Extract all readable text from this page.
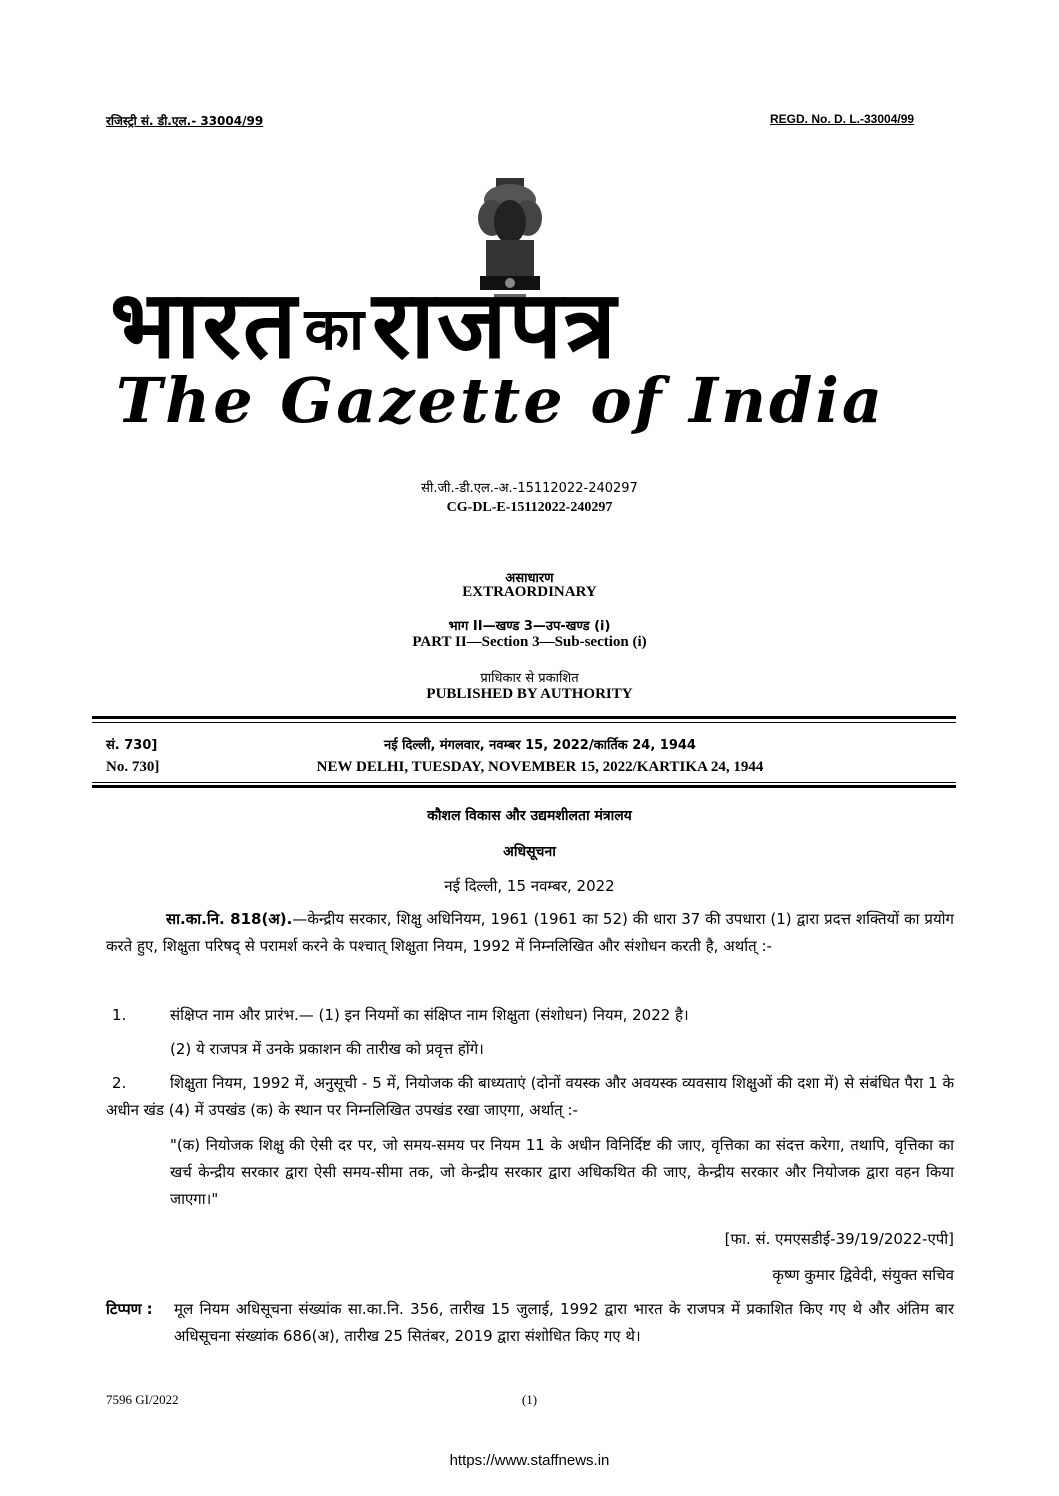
रजिस्ट्री सं. डी.एल.- 33004/99	REGD. No. D. L.-33004/99
भारत काराजपत्र
The Gazette of India
सी.जी.-डी.एल.-अ.-15112022-240297
CG-DL-E-15112022-240297
असाधारण
EXTRAORDINARY
भाग II—खण्ड 3—उप-खण्ड (i)
PART II—Section 3—Sub-section (i)
प्राधिकार से प्रकाशित
PUBLISHED BY AUTHORITY
सं. 730]	नई दिल्ली, मंगलवार, नवम्बर 15, 2022/कार्तिक 24, 1944
No. 730]	NEW DELHI, TUESDAY, NOVEMBER 15, 2022/KARTIKA 24, 1944
कौशल विकास और उद्यमशीलता मंत्रालय
अधिसूचना
नई दिल्ली, 15 नवम्बर, 2022
सा.का.नि. 818(अ).—केन्द्रीय सरकार, शिक्षु अधिनियम, 1961 (1961 का 52) की धारा 37 की उपधारा (1) द्वारा प्रदत्त शक्तियों का प्रयोग करते हुए, शिक्षुता परिषद् से परामर्श करने के पश्चात् शिक्षुता नियम, 1992 में निम्नलिखित और संशोधन करती है, अर्थात् :-
1.	संक्षिप्त नाम और प्रारंभ.— (1) इन नियमों का संक्षिप्त नाम शिक्षुता (संशोधन) नियम, 2022 है।
(2) ये राजपत्र में उनके प्रकाशन की तारीख को प्रवृत्त होंगे।
2.	शिक्षुता नियम, 1992 में, अनुसूची - 5 में, नियोजक की बाध्यताएं (दोनों वयस्क और अवयस्क व्यवसाय शिक्षुओं की दशा में) से संबंधित पैरा 1 के अधीन खंड (4) में उपखंड (क) के स्थान पर निम्नलिखित उपखंड रखा जाएगा, अर्थात् :-
"(क) नियोजक शिक्षु की ऐसी दर पर, जो समय-समय पर नियम 11 के अधीन विनिर्दिष्ट की जाए, वृत्तिका का संदत्त करेगा, तथापि, वृत्तिका का खर्च केन्द्रीय सरकार द्वारा ऐसी समय-सीमा तक, जो केन्द्रीय सरकार द्वारा अधिकथित की जाए, केन्द्रीय सरकार और नियोजक द्वारा वहन किया जाएगा।"
[फा. सं. एमएसडीई-39/19/2022-एपी]
कृष्ण कुमार द्विवेदी, संयुक्त सचिव
टिप्पण : मूल नियम अधिसूचना संख्यांक सा.का.नि. 356, तारीख 15 जुलाई, 1992 द्वारा भारत के राजपत्र में प्रकाशित किए गए थे और अंतिम बार अधिसूचना संख्यांक 686(अ), तारीख 25 सितंबर, 2019 द्वारा संशोधित किए गए थे।
7596 GI/2022	(1)
https://www.staffnews.in
